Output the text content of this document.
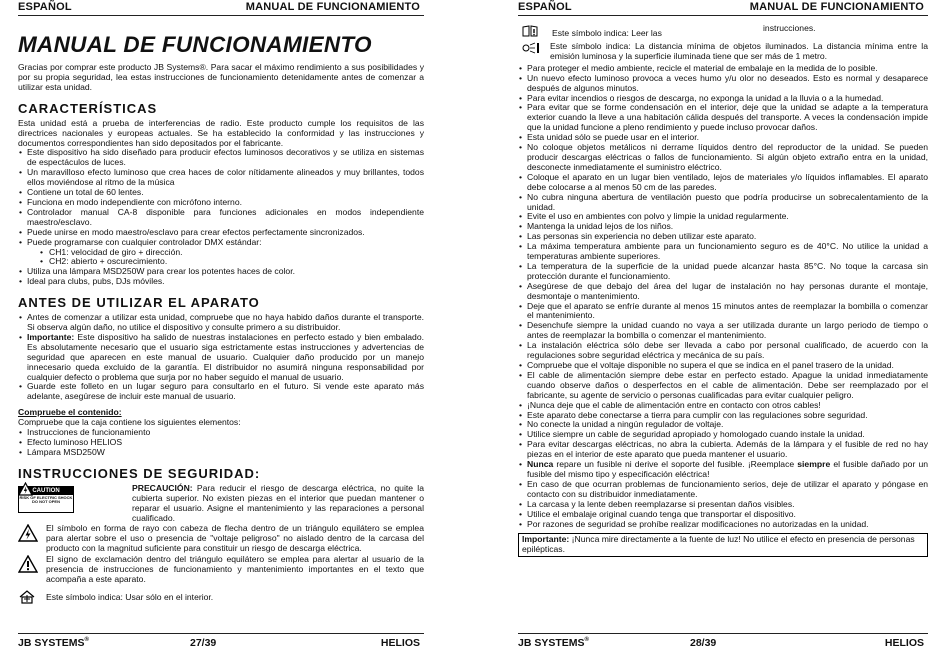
ESPAÑOL	MANUAL DE FUNCIONAMIENTO
MANUAL DE FUNCIONAMIENTO

Gracias por comprar este producto JB Systems®. Para sacar el máximo rendimiento a sus posibilidades y por su propia seguridad, lea estas instrucciones de funcionamiento detenidamente antes de comenzar a utilizar esta unidad.

CARACTERÍSTICAS

Esta unidad está a prueba de interferencias de radio. Este producto cumple los requisitos de las directrices nacionales y europeas actuales. Se ha establecido la conformidad y las instrucciones y documentos correspondientes han sido depositados por el fabricante.

• Este dispositivo ha sido diseñado para producir efectos luminosos decorativos y se utiliza en sistemas de espectáculos de luces.
• Un maravilloso efecto luminoso que crea haces de color nítidamente alineados y muy brillantes, todos ellos moviéndose al ritmo de la música
• Contiene un total de 60 lentes.
• Funciona en modo independiente con micrófono interno.
• Controlador manual CA-8 disponible para funciones adicionales en modos independiente maestro/esclavo.
• Puede unirse en modo maestro/esclavo para crear efectos perfectamente sincronizados.
• Puede programarse con cualquier controlador DMX estándar:
• CH1: velocidad de giro + dirección.
• CH2: abierto + oscurecimiento.
• Utiliza una lámpara MSD250W para crear los potentes haces de color.
• Ideal para clubs, pubs, DJs móviles.
ANTES DE UTILIZAR EL APARATO
• Antes de comenzar a utilizar esta unidad, compruebe que no haya habido daños durante el transporte. Si observa algún daño, no utilice el dispositivo y consulte primero a su distribuidor.
• Importante: Este dispositivo ha salido de nuestras instalaciones en perfecto estado y bien embalado. Es absolutamente necesario que el usuario siga estrictamente estas instrucciones y advertencias de seguridad que aparecen en este manual de usuario. Cualquier daño producido por un manejo innecesario queda excluido de la garantía. El distribuidor no asumirá ninguna responsabilidad por cualquier defecto o problema que surja por no haber seguido el manual de usuario.
• Guarde este folleto en un lugar seguro para consultarlo en el futuro. Si vende este aparato más adelante, asegúrese de incluir este manual de usuario.

Compruebe el contenido:

Compruebe que la caja contiene los siguientes elementos:

• Instrucciones de funcionamiento
• Efecto luminoso HELIOS
• Lámpara MSD250W
INSTRUCCIONES DE SEGURIDAD:
CAUTION
RISK OF ELECTRIC SHOCK DO NOT OPEN

PRECAUCIÓN: Para reducir el riesgo de descarga eléctrica, no quite la cubierta superior. No existen piezas en el interior que puedan mantener o reparar el usuario. Asigne el mantenimiento y las reparaciones a personal cualificado.

El símbolo en forma de rayo con cabeza de flecha dentro de un triángulo equilátero se emplea para alertar sobre el uso o presencia de "voltaje peligroso" no aislado dentro de la carcasa del producto con la magnitud suficiente para constituir un riesgo de descarga eléctrica.

El signo de exclamación dentro del triángulo equilátero se emplea para alertar al usuario de la presencia de instrucciones de funcionamiento y mantenimiento importantes en el texto que acompaña a este aparato.

Este símbolo indica: Usar sólo en el interior.

JB SYSTEMS®	27/39	HELIOS
ESPAÑOL	MANUAL DE FUNCIONAMIENTO
Este símbolo indica: Leer las	instrucciones.

Este símbolo indica: La distancia mínima de objetos iluminados. La distancia mínima entre la emisión luminosa y la superficie iluminada tiene que ser más de 1 metro.

• Para proteger el medio ambiente, recicle el material de embalaje en la medida de lo posible.
• Un nuevo efecto luminoso provoca a veces humo y/u olor no deseados. Esto es normal y desaparece después de algunos minutos.
• Para evitar incendios o riesgos de descarga, no exponga la unidad a la lluvia o a la humedad.
• Para evitar que se forme condensación en el interior, deje que la unidad se adapte a la temperatura exterior cuando la lleve a una habitación cálida después del transporte. A veces la condensación impide que la unidad funcione a pleno rendimiento y puede incluso provocar daños.
• Esta unidad sólo se puede usar en el interior.
• No coloque objetos metálicos ni derrame líquidos dentro del reproductor de la unidad. Se pueden producir descargas eléctricas o fallos de funcionamiento. Si algún objeto extraño entra en la unidad, desconecte inmediatamente el suministro eléctrico.
• Coloque el aparato en un lugar bien ventilado, lejos de materiales y/o líquidos inflamables. El aparato debe colocarse a al menos 50 cm de las paredes.
• No cubra ninguna abertura de ventilación puesto que podría producirse un sobrecalentamiento de la unidad.
• Evite el uso en ambientes con polvo y limpie la unidad regularmente.
• Mantenga la unidad lejos de los niños.
• Las personas sin experiencia no deben utilizar este aparato.
• La máxima temperatura ambiente para un funcionamiento seguro es de 40°C. No utilice la unidad a temperaturas ambiente superiores.
• La temperatura de la superficie de la unidad puede alcanzar hasta 85°C. No toque la carcasa sin protección durante el funcionamiento.
• Asegúrese de que debajo del área del lugar de instalación no hay personas durante el montaje, desmontaje o mantenimiento.
• Deje que el aparato se enfríe durante al menos 15 minutos antes de reemplazar la bombilla o comenzar el mantenimiento.
• Desenchufe siempre la unidad cuando no vaya a ser utilizada durante un largo periodo de tiempo o antes de reemplazar la bombilla o comenzar el mantenimiento.
• La instalación eléctrica sólo debe ser llevada a cabo por personal cualificado, de acuerdo con la regulaciones sobre seguridad eléctrica y mecánica de su país.
• Compruebe que el voltaje disponible no supera el que se indica en el panel trasero de la unidad.
• El cable de alimentación siempre debe estar en perfecto estado. Apague la unidad inmediatamente cuando observe daños o desperfectos en el cable de alimentación. Debe ser reemplazado por el fabricante, su agente de servicio o personas cualificadas para evitar cualquier peligro.
• ¡Nunca deje que el cable de alimentación entre en contacto con otros cables!
• Este aparato debe conectarse a tierra para cumplir con las regulaciones sobre seguridad.
• No conecte la unidad a ningún regulador de voltaje.
• Utilice siempre un cable de seguridad apropiado y homologado cuando instale la unidad.
• Para evitar descargas eléctricas, no abra la cubierta. Además de la lámpara y el fusible de red no hay piezas en el interior de este aparato que pueda mantener el usuario.
• Nunca repare un fusible ni derive el soporte del fusible. ¡Reemplace siempre el fusible dañado por un fusible del mismo tipo y especificación eléctrica!
• En caso de que ocurran problemas de funcionamiento serios, deje de utilizar el aparato y póngase en contacto con su distribuidor inmediatamente.
• La carcasa y la lente deben reemplazarse si presentan daños visibles.
• Utilice el embalaje original cuando tenga que transportar el dispositivo.
• Por razones de seguridad se prohíbe realizar modificaciones no autorizadas en la unidad.
Importante: ¡Nunca mire directamente a la fuente de luz! No utilice el efecto en presencia de personas epilépticas.
JB SYSTEMS®	28/39	HELIOS
